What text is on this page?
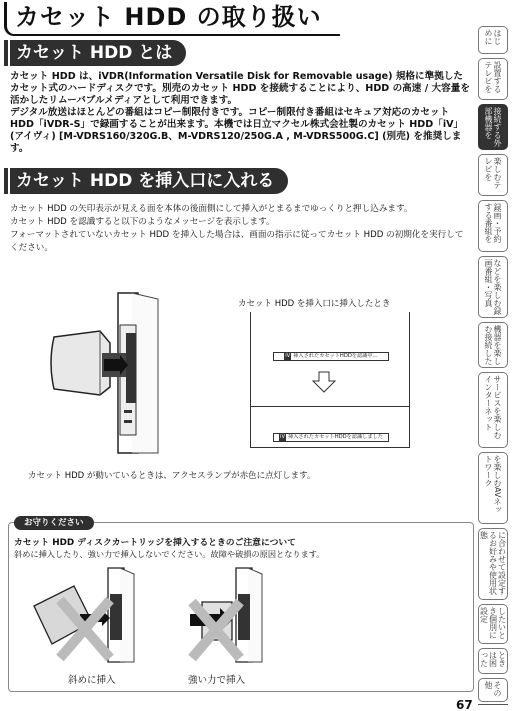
カセット HDD の取り扱い
カセット HDD とは
カセット HDD は、iVDR(Information Versatile Disk for Removable usage) 規格に準拠したカセット式のハードディスクです。別売のカセット HDD を接続することにより、HDD の高速 / 大容量を活かしたリムーバブルメディアとして利用できます。
デジタル放送はほとんどの番組はコピー制限付きです。コピー制限付き番組はセキュア対応のカセット HDD「iVDR-S」で録画することが出来ます。本機では日立マクセル株式会社製のカセット HDD「iV」(アイヴィ) [M-VDRS160/320G.B、M-VDRS120/250G.A , M-VDRS500G.C] (別売) を推奨します。
カセット HDD を挿入口に入れる
カセット HDD の矢印表示が見える面を本体の後面側にして挿入がとまるまでゆっくりと押し込みます。
カセット HDD を認識すると以下のようなメッセージを表示します。
フォーマットされていないカセット HDD を挿入した場合は、画面の指示に従ってカセット HDD の初期化を実行してください。
カセット HDD を挿入口に挿入したとき
iV 挿入されたカセットHDDを認識中…
iV 挿入されたカセットHDDを認識しました
カセット HDD が動いているときは、アクセスランプが赤色に点灯します。
お守りください
カセット HDD ディスクカートリッジを挿入するときのご注意について
斜めに挿入したり、強い力で挿入しないでください。故障や破損の原因となります。
斜めに挿入	強い力で挿入
はじめに
設置するテレビを
接続する外部機器を
楽しむテレビを
録画・予約する番組を
などを楽しむ録画番組・写真
機器を楽しむ接続した
サービスを楽しむインターネット
を楽しむAVネットワーク
に合わせて設定するお好みや使用状態
したいとき個別に設定
ときは困った
その他
67
